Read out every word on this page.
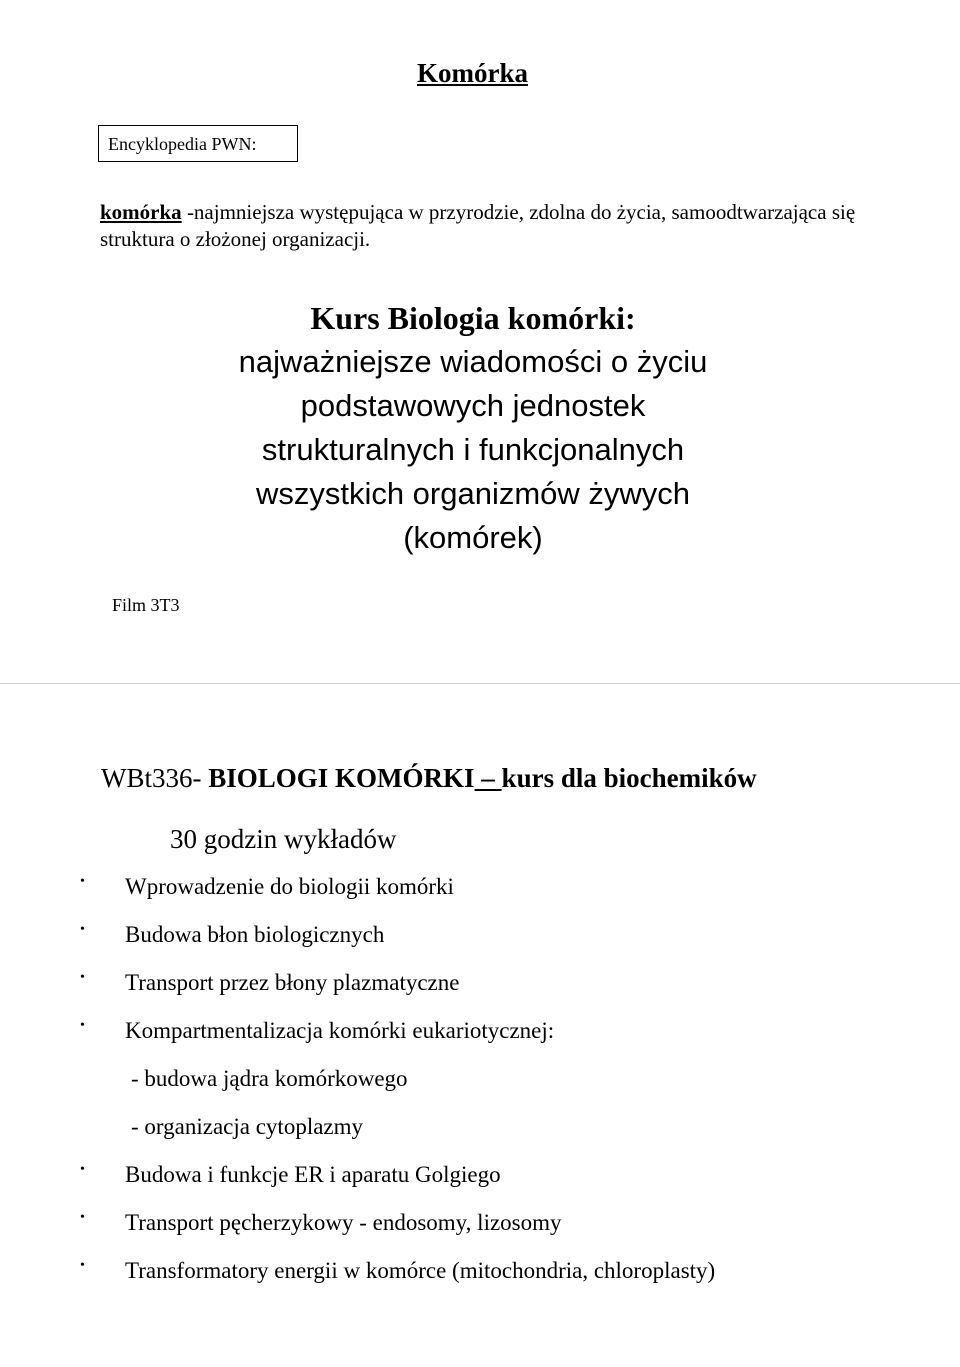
Komórka
Encyklopedia PWN:
komórka -najmniejsza występująca w przyrodzie, zdolna do życia, samoodtwarzająca się struktura o złożonej organizacji.
Kurs Biologia komórki:
najważniejsze wiadomości o życiu
podstawowych jednostek
strukturalnych i funkcjonalnych
wszystkich organizmów żywych
(komórek)
Film 3T3
WBt336- BIOLOGI KOMÓRKI – kurs dla biochemików
30 godzin wykładów
•	Wprowadzenie do biologii komórki
•	Budowa błon biologicznych
•	Transport przez błony plazmatyczne
•	Kompartmentalizacja komórki eukariotycznej:
- budowa jądra komórkowego
- organizacja cytoplazmy
•	Budowa i funkcje ER i aparatu Golgiego
•	Transport pęcherzykowy - endosomy, lizosomy
•	Transformatory energii w komórce (mitochondria, chloroplasty)
